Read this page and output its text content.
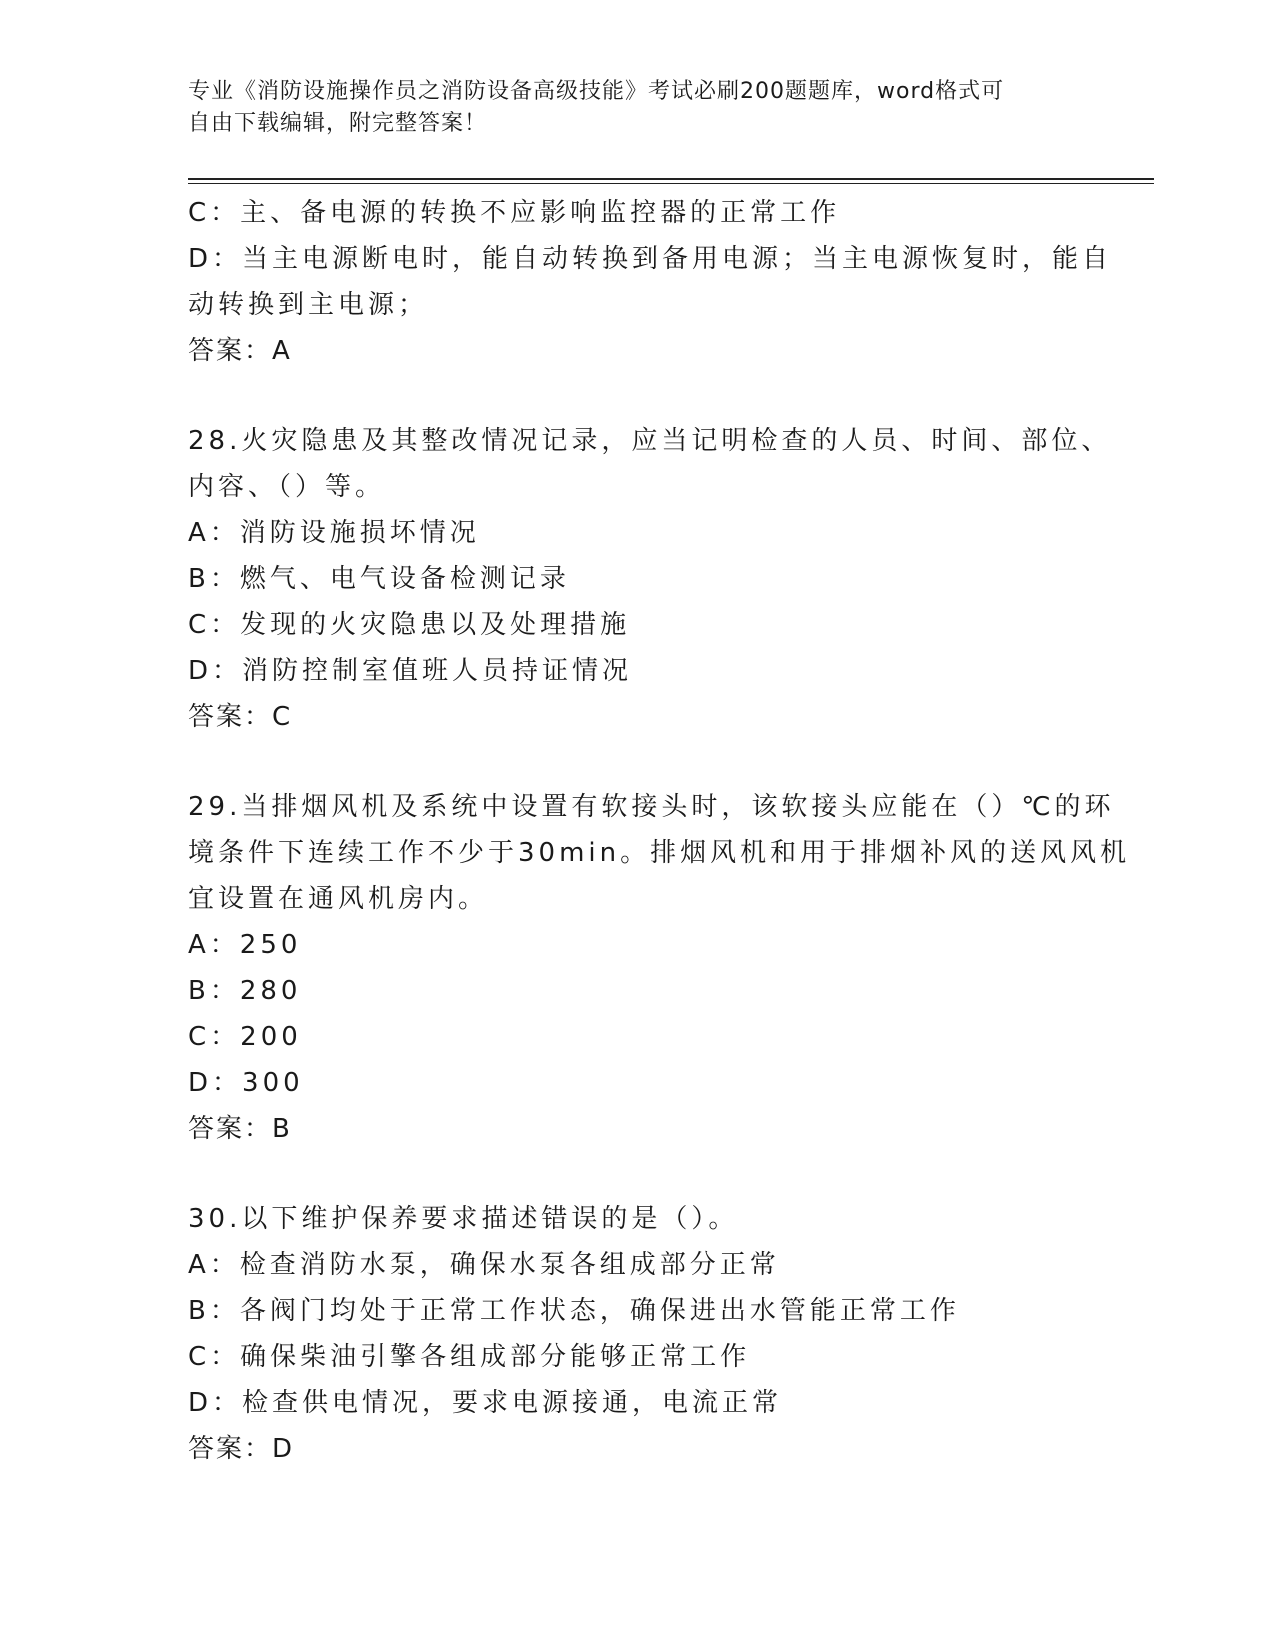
专业《消防设施操作员之消防设备高级技能》考试必刷200题题库，word格式可
自由下载编辑，附完整答案！
C：主、备电源的转换不应影响监控器的正常工作
D：当主电源断电时，能自动转换到备用电源；当主电源恢复时，能自
动转换到主电源；
答案：A
28.火灾隐患及其整改情况记录，应当记明检查的人员、时间、部位、
内容、（）等。
A：消防设施损坏情况
B：燃气、电气设备检测记录
C：发现的火灾隐患以及处理措施
D：消防控制室值班人员持证情况
答案：C
29.当排烟风机及系统中设置有软接头时，该软接头应能在（）℃的环
境条件下连续工作不少于30min。排烟风机和用于排烟补风的送风风机
宜设置在通风机房内。
A：250
B：280
C：200
D：300
答案：B
30.以下维护保养要求描述错误的是（）。
A：检查消防水泵，确保水泵各组成部分正常
B：各阀门均处于正常工作状态，确保进出水管能正常工作
C：确保柴油引擎各组成部分能够正常工作
D：检查供电情况，要求电源接通，电流正常
答案：D
